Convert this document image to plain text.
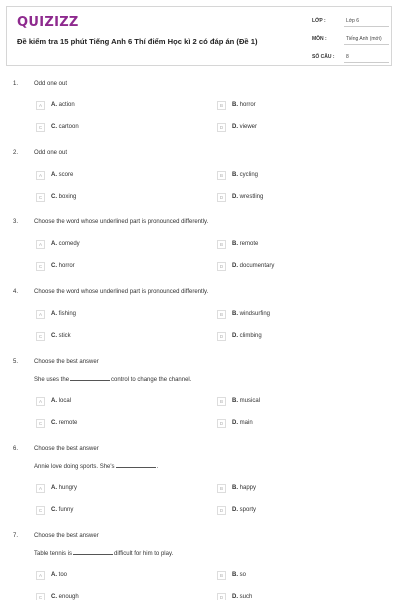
QUIZIZZ
Đề kiểm tra 15 phút Tiếng Anh 6 Thí điểm Học kì 2 có đáp án (Đề 1)
LỚP :	Lớp 6
MÔN :	Tiếng Anh (mới)
SỐ CÂU : 8
1.	Odd one out
A	A. action	B	B. horror
C	C. cartoon	D	D. viewer
2.	Odd one out
A	A. score	B	B. cycling
C	C. boxing	D	D. wrestling
3.	Choose the word whose underlined part is pronounced differently.
A	A. comedy	B	B. remote
C	C. horror	D	D. documentary
4.	Choose the word whose underlined part is pronounced differently.
A	A. fishing	B	B. windsurfing
C	C. stick	D	D. climbing
5.	Choose the best answer
She uses the	control to change the channel.
A	A. local	B	B. musical
C	C. remote	D	D. main
6.	Choose the best answer
Annie love doing sports. She's	.
A	A. hungry	B	B. happy
C	C. funny	D	D. sporty
7.	Choose the best answer
Table tennis is	difficult for him to play.
A	A. too	B	B. so
C	C. enough	D	D. such
